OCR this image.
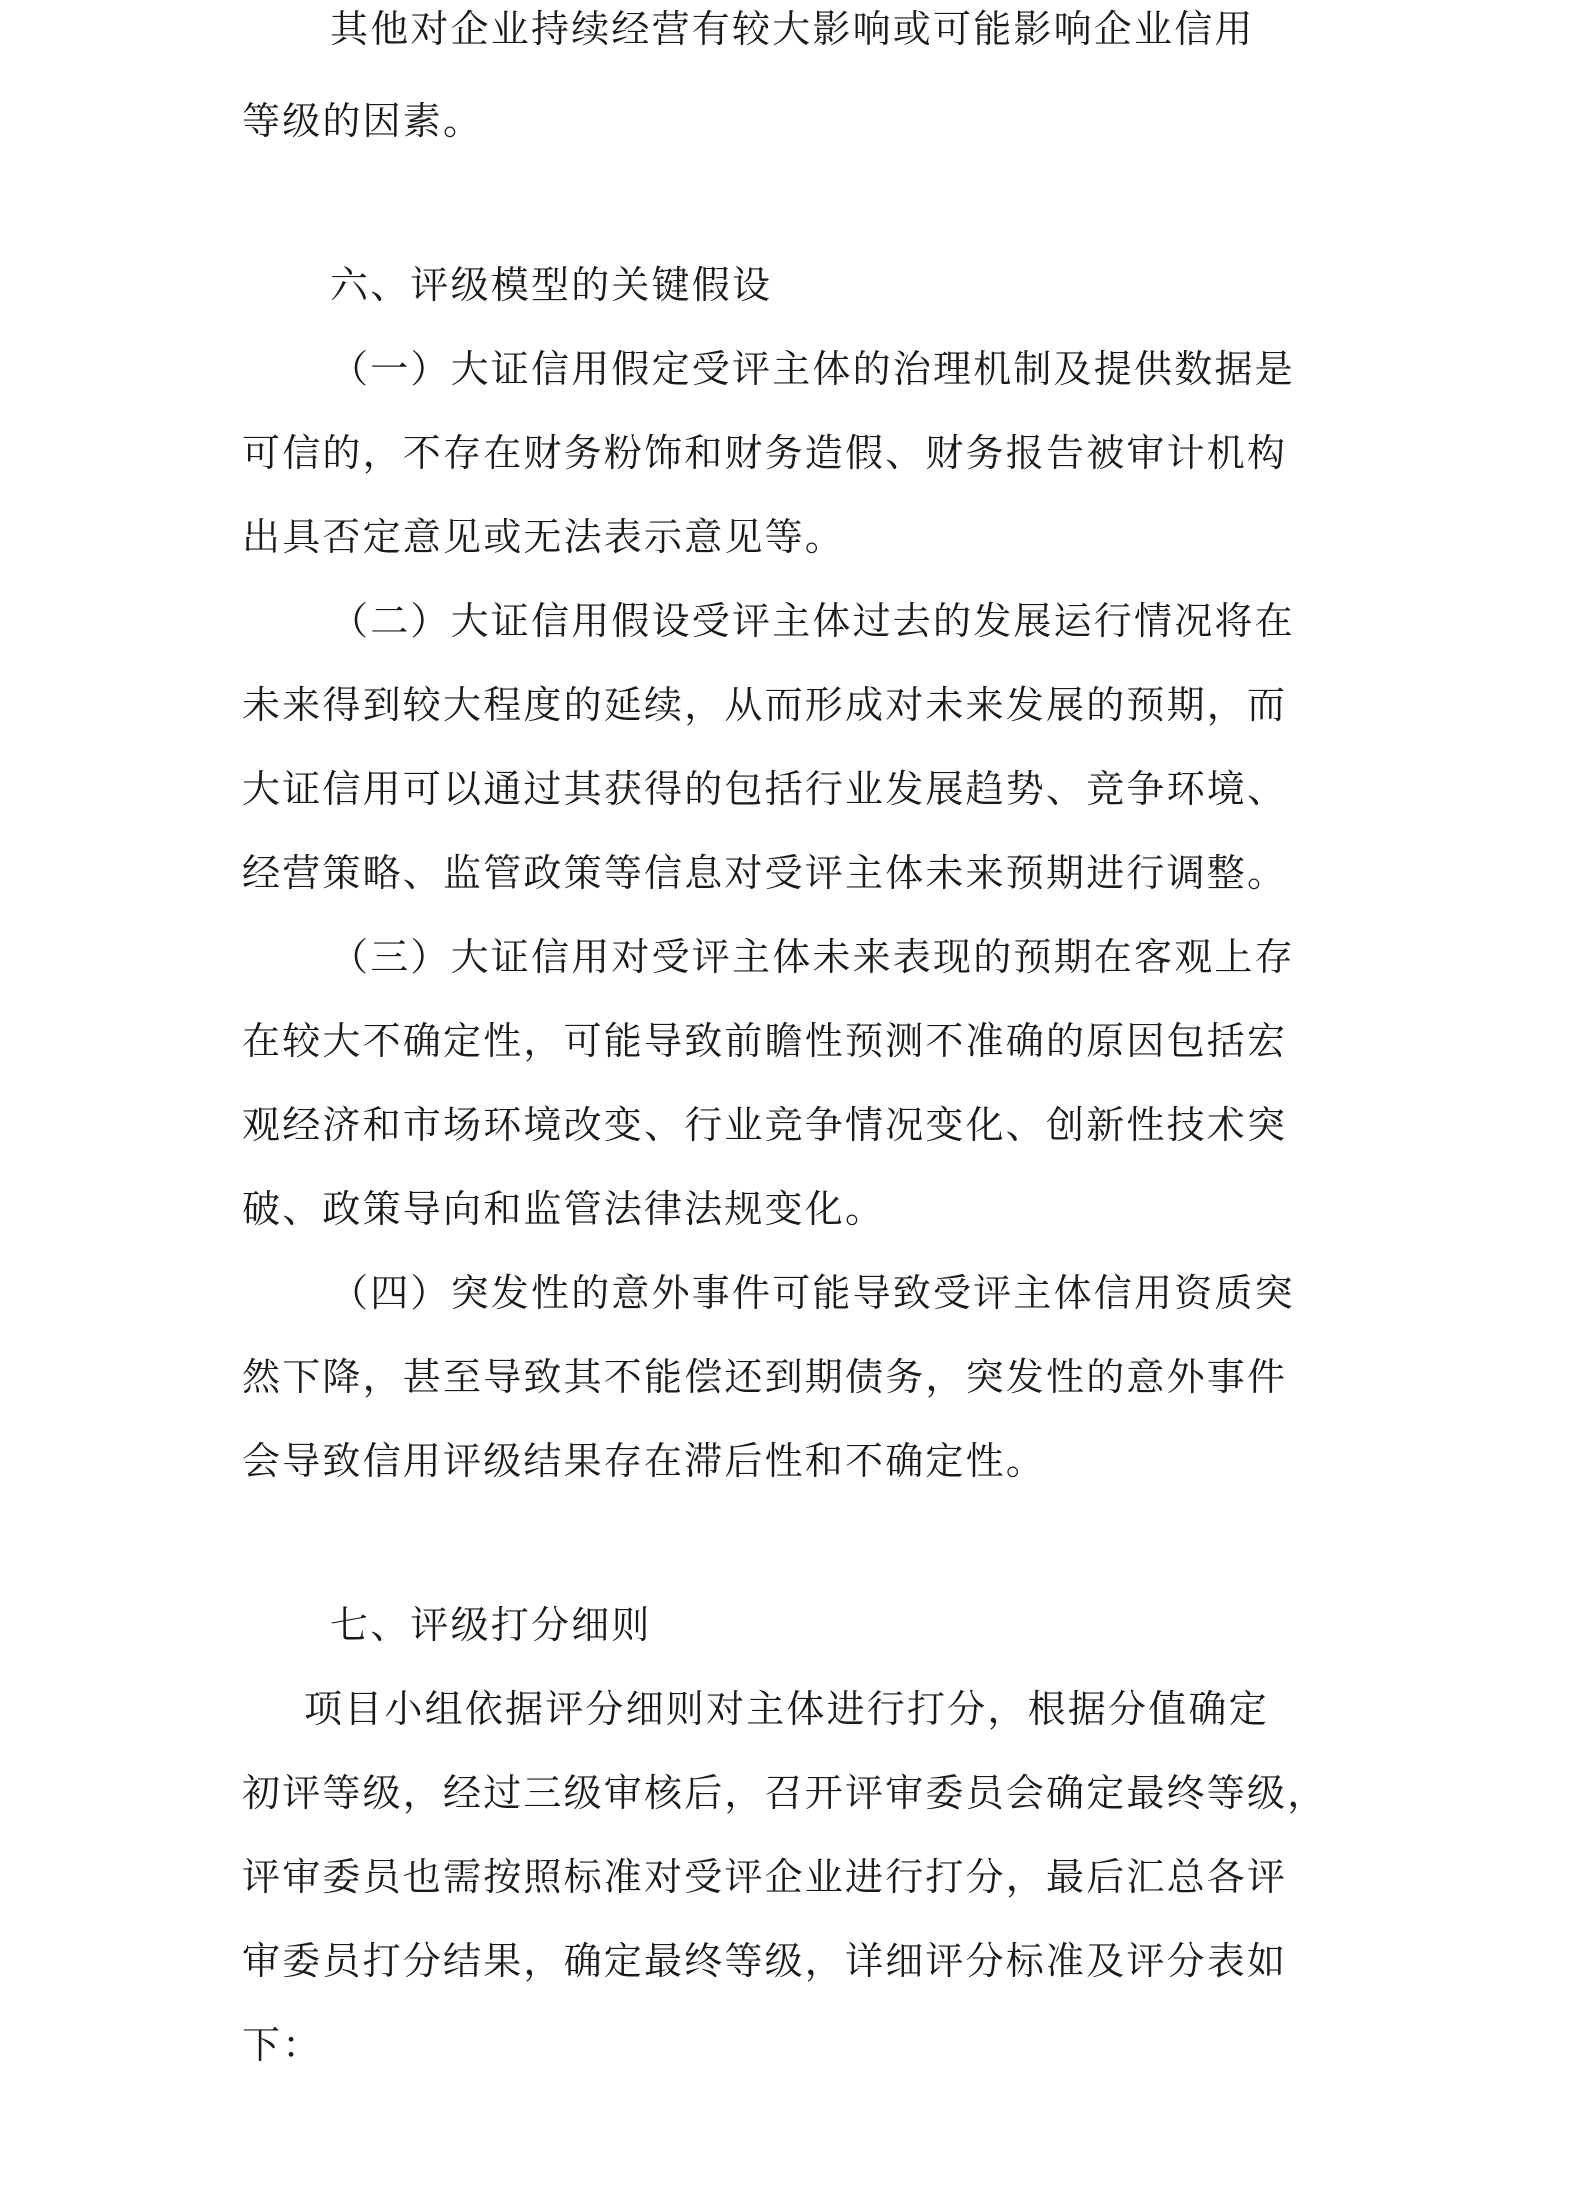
其他对企业持续经营有较大影响或可能影响企业信用
等级的因素。
六、评级模型的关键假设
（一）大证信用假定受评主体的治理机制及提供数据是
可信的，不存在财务粉饰和财务造假、财务报告被审计机构
出具否定意见或无法表示意见等。
（二）大证信用假设受评主体过去的发展运行情况将在
未来得到较大程度的延续，从而形成对未来发展的预期，而
大证信用可以通过其获得的包括行业发展趋势、竞争环境、
经营策略、监管政策等信息对受评主体未来预期进行调整。
（三）大证信用对受评主体未来表现的预期在客观上存
在较大不确定性，可能导致前瞻性预测不准确的原因包括宏
观经济和市场环境改变、行业竞争情况变化、创新性技术突
破、政策导向和监管法律法规变化。
（四）突发性的意外事件可能导致受评主体信用资质突
然下降，甚至导致其不能偿还到期债务，突发性的意外事件
会导致信用评级结果存在滞后性和不确定性。
七、评级打分细则
项目小组依据评分细则对主体进行打分，根据分值确定
初评等级，经过三级审核后，召开评审委员会确定最终等级，
评审委员也需按照标准对受评企业进行打分，最后汇总各评
审委员打分结果，确定最终等级，详细评分标准及评分表如
下：
